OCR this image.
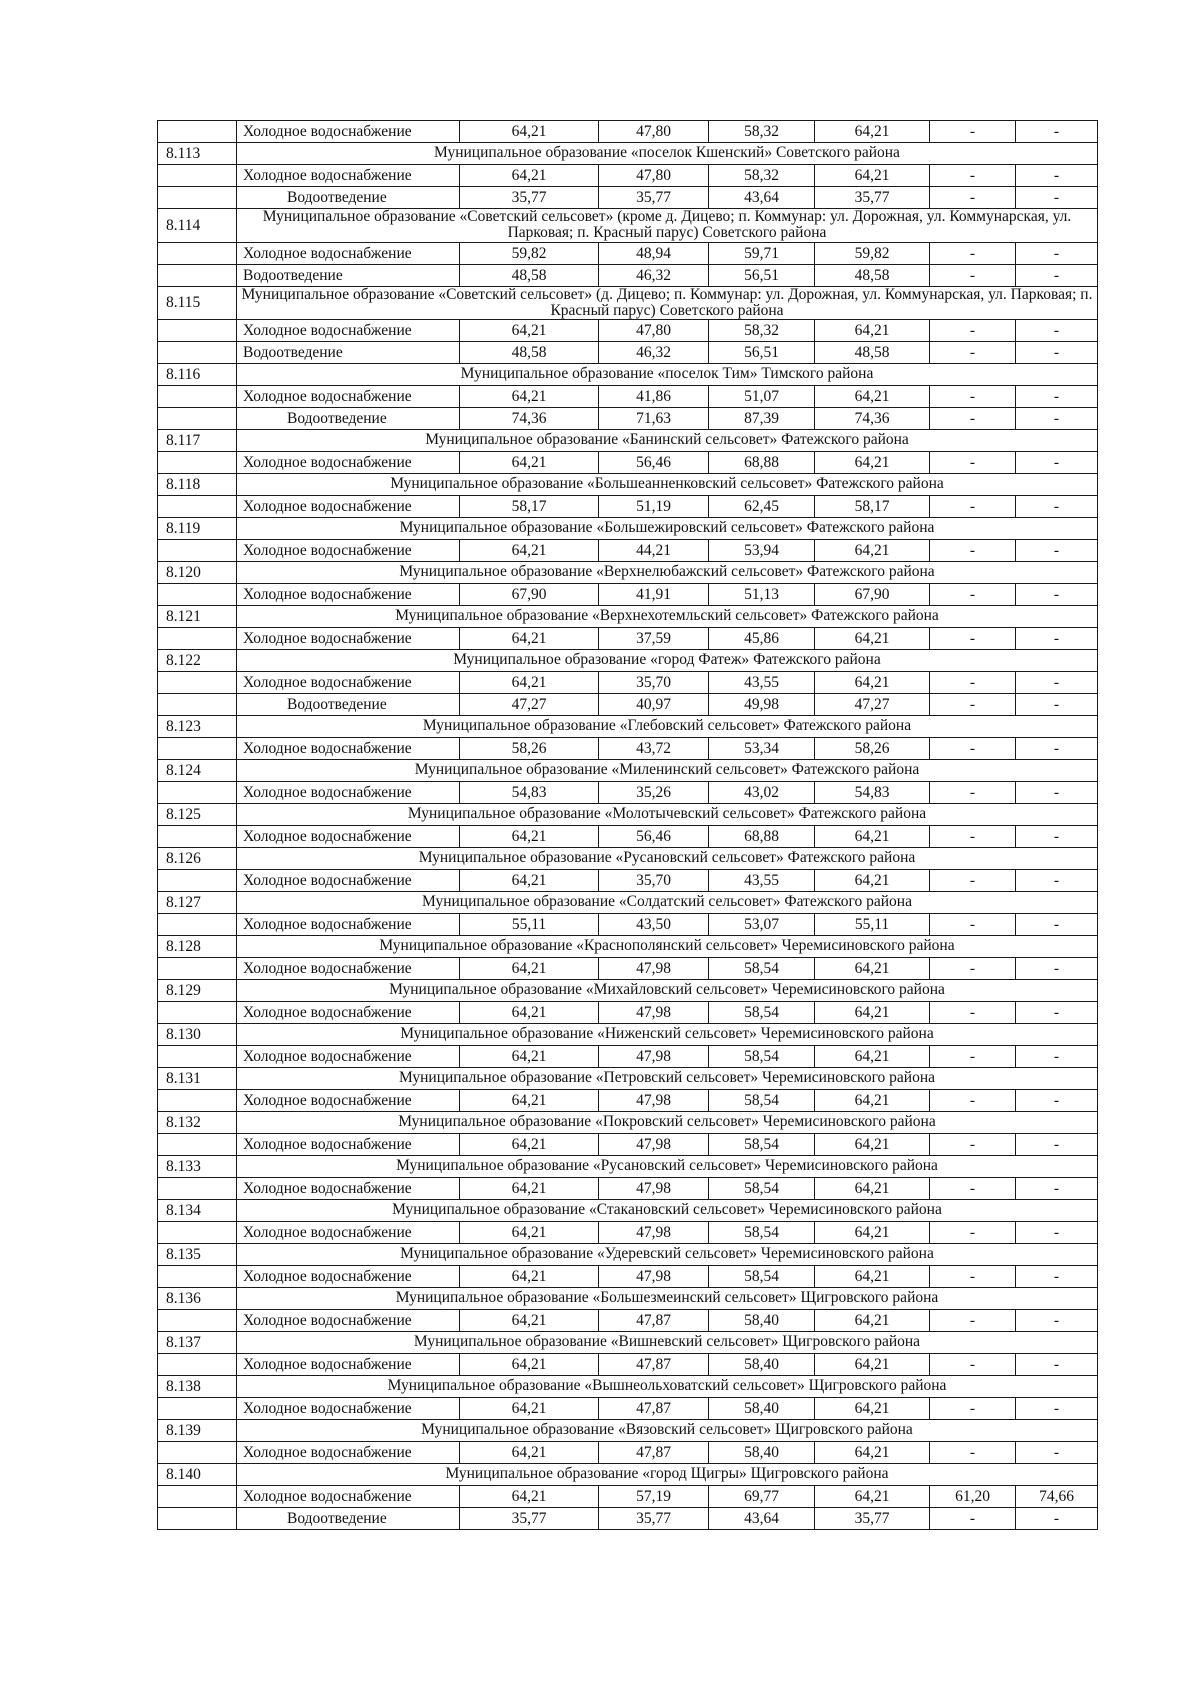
	Холодное водоснабжение	64,21	47,80	58,32	64,21	-	-
8.113	Муниципальное образование «поселок Кшенский» Советского района						
	Холодное водоснабжение	64,21	47,80	58,32	64,21	-	-
	Водоотведение	35,77	35,77	43,64	35,77	-	-
8.114	Муниципальное образование «Советский сельсовет» (кроме д. Дицево; п. Коммунар: ул. Дорожная, ул. Коммунарская, ул. Парковая; п. Красный парус) Советского района						
	Холодное водоснабжение	59,82	48,94	59,71	59,82	-	-
	Водоотведение	48,58	46,32	56,51	48,58	-	-
8.115	Муниципальное образование «Советский сельсовет» (д. Дицево; п. Коммунар: ул. Дорожная, ул. Коммунарская, ул. Парковая; п. Красный парус) Советского района						
	Холодное водоснабжение	64,21	47,80	58,32	64,21	-	-
	Водоотведение	48,58	46,32	56,51	48,58	-	-
8.116	Муниципальное образование «поселок Тим» Тимского района						
	Холодное водоснабжение	64,21	41,86	51,07	64,21	-	-
	Водоотведение	74,36	71,63	87,39	74,36	-	-
8.117	Муниципальное образование «Банинский сельсовет» Фатежского района						
	Холодное водоснабжение	64,21	56,46	68,88	64,21	-	-
8.118	Муниципальное образование «Большеанненковский сельсовет» Фатежского района						
	Холодное водоснабжение	58,17	51,19	62,45	58,17	-	-
8.119	Муниципальное образование «Большежировский сельсовет» Фатежского района						
	Холодное водоснабжение	64,21	44,21	53,94	64,21	-	-
8.120	Муниципальное образование «Верхнелюбажский сельсовет» Фатежского района						
	Холодное водоснабжение	67,90	41,91	51,13	67,90	-	-
8.121	Муниципальное образование «Верхнехотемльский сельсовет» Фатежского района						
	Холодное водоснабжение	64,21	37,59	45,86	64,21	-	-
8.122	Муниципальное образование «город Фатеж» Фатежского района						
	Холодное водоснабжение	64,21	35,70	43,55	64,21	-	-
	Водоотведение	47,27	40,97	49,98	47,27	-	-
8.123	Муниципальное образование «Глебовский сельсовет» Фатежского района						
	Холодное водоснабжение	58,26	43,72	53,34	58,26	-	-
8.124	Муниципальное образование «Миленинский сельсовет» Фатежского района						
	Холодное водоснабжение	54,83	35,26	43,02	54,83	-	-
8.125	Муниципальное образование «Молотычевский сельсовет» Фатежского района						
	Холодное водоснабжение	64,21	56,46	68,88	64,21	-	-
8.126	Муниципальное образование «Русановский сельсовет» Фатежского района						
	Холодное водоснабжение	64,21	35,70	43,55	64,21	-	-
8.127	Муниципальное образование «Солдатский сельсовет» Фатежского района						
	Холодное водоснабжение	55,11	43,50	53,07	55,11	-	-
8.128	Муниципальное образование «Краснополянский сельсовет» Черемисиновского района						
	Холодное водоснабжение	64,21	47,98	58,54	64,21	-	-
8.129	Муниципальное образование «Михайловский сельсовет» Черемисиновского района						
	Холодное водоснабжение	64,21	47,98	58,54	64,21	-	-
8.130	Муниципальное образование «Ниженский сельсовет» Черемисиновского района						
	Холодное водоснабжение	64,21	47,98	58,54	64,21	-	-
8.131	Муниципальное образование «Петровский сельсовет» Черемисиновского района						
	Холодное водоснабжение	64,21	47,98	58,54	64,21	-	-
8.132	Муниципальное образование «Покровский сельсовет» Черемисиновского района						
	Холодное водоснабжение	64,21	47,98	58,54	64,21	-	-
8.133	Муниципальное образование «Русановский сельсовет» Черемисиновского района						
	Холодное водоснабжение	64,21	47,98	58,54	64,21	-	-
8.134	Муниципальное образование «Стакановский сельсовет» Черемисиновского района						
	Холодное водоснабжение	64,21	47,98	58,54	64,21	-	-
8.135	Муниципальное образование «Удеревский сельсовет» Черемисиновского района						
	Холодное водоснабжение	64,21	47,98	58,54	64,21	-	-
8.136	Муниципальное образование «Большезмеинский сельсовет» Щигровского района						
	Холодное водоснабжение	64,21	47,87	58,40	64,21	-	-
8.137	Муниципальное образование «Вишневский сельсовет» Щигровского района						
	Холодное водоснабжение	64,21	47,87	58,40	64,21	-	-
8.138	Муниципальное образование «Вышнеольховатский сельсовет» Щигровского района						
	Холодное водоснабжение	64,21	47,87	58,40	64,21	-	-
8.139	Муниципальное образование «Вязовский сельсовет» Щигровского района						
	Холодное водоснабжение	64,21	47,87	58,40	64,21	-	-
8.140	Муниципальное образование «город Щигры» Щигровского района						
	Холодное водоснабжение	64,21	57,19	69,77	64,21	61,20	74,66
	Водоотведение	35,77	35,77	43,64	35,77	-	-
